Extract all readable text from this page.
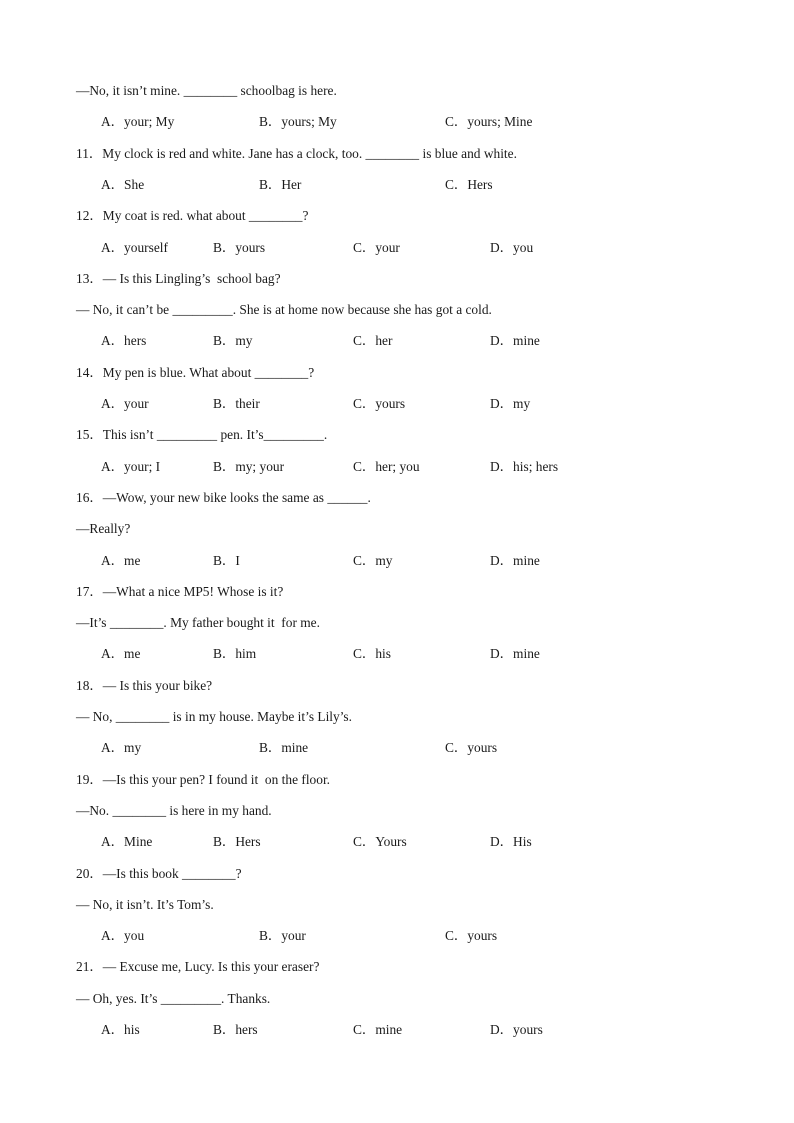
—No, it isn’t mine. ________ schoolbag is here.
A．your; My	B．yours; My	C．yours; Mine
11．My clock is red and white. Jane has a clock, too. ________ is blue and white.
A．She	B．Her	C．Hers
12．My coat is red. what about ________?
A．yourself	B．yours	C．your	D．you
13．— Is this Lingling’s  school bag?
— No, it can’t be _________. She is at home now because she has got a cold.
A．hers	B．my	C．her	D．mine
14．My pen is blue. What about ________?
A．your	B．their	C．yours	D．my
15．This isn’t _________ pen. It’s_________.
A．your; I	B．my; your	C．her; you	D．his; hers
16．—Wow, your new bike looks the same as ______.
—Really?
A．me	B．I	C．my	D．mine
17．—What a nice MP5! Whose is it?
—It’s ________. My father bought it  for me.
A．me	B．him	C．his	D．mine
18．— Is this your bike?
— No, ________ is in my house. Maybe it’s Lily’s.
A．my	B．mine	C．yours
19．—Is this your pen? I found it  on the floor.
—No. ________ is here in my hand.
A．Mine	B．Hers	C．Yours	D．His
20．—Is this book ________?
— No, it isn’t. It’s Tom’s.
A．you	B．your	C．yours
21．— Excuse me, Lucy. Is this your eraser?
— Oh, yes. It’s _________. Thanks.
A．his	B．hers	C．mine	D．yours
